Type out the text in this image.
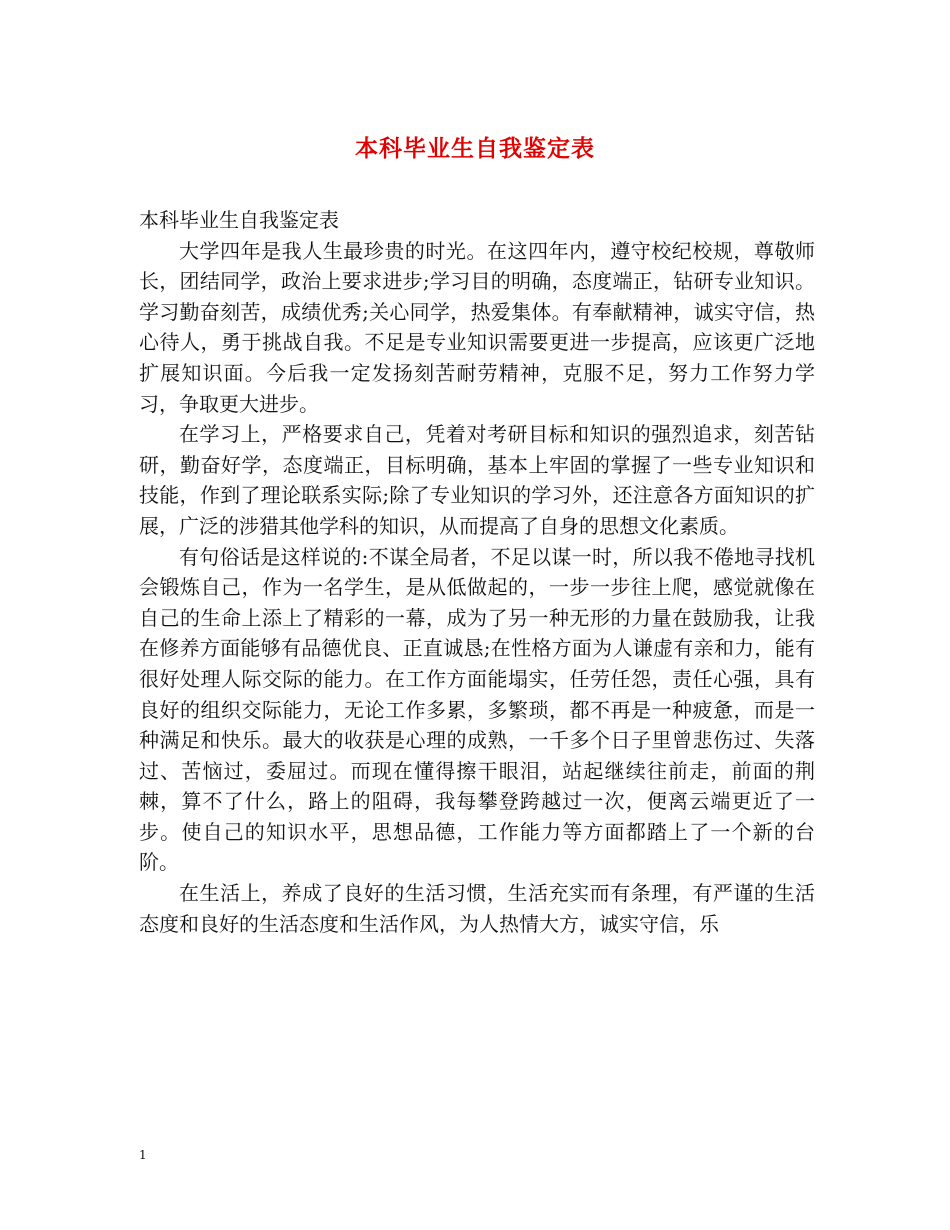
本科毕业生自我鉴定表

本科毕业生自我鉴定表

大学四年是我人生最珍贵的时光。在这四年内，遵守校纪校规，尊敬师长，团结同学，政治上要求进步;学习目的明确，态度端正，钻研专业知识。学习勤奋刻苦，成绩优秀;关心同学，热爱集体。有奉献精神，诚实守信，热心待人，勇于挑战自我。不足是专业知识需要更进一步提高，应该更广泛地扩展知识面。今后我一定发扬刻苦耐劳精神，克服不足，努力工作努力学习，争取更大进步。

在学习上，严格要求自己，凭着对考研目标和知识的强烈追求，刻苦钻研，勤奋好学，态度端正，目标明确，基本上牢固的掌握了一些专业知识和技能，作到了理论联系实际;除了专业知识的学习外，还注意各方面知识的扩展，广泛的涉猎其他学科的知识，从而提高了自身的思想文化素质。

有句俗话是这样说的:不谋全局者，不足以谋一时，所以我不倦地寻找机会锻炼自己，作为一名学生，是从低做起的，一步一步往上爬，感觉就像在自己的生命上添上了精彩的一幕，成为了另一种无形的力量在鼓励我，让我在修养方面能够有品德优良、正直诚恳;在性格方面为人谦虚有亲和力，能有很好处理人际交际的能力。在工作方面能塌实，任劳任怨，责任心强，具有良好的组织交际能力，无论工作多累，多繁琐，都不再是一种疲惫，而是一种满足和快乐。最大的收获是心理的成熟，一千多个日子里曾悲伤过、失落过、苦恼过，委屈过。而现在懂得擦干眼泪，站起继续往前走，前面的荆棘，算不了什么，路上的阻碍，我每攀登跨越过一次，便离云端更近了一步。使自己的知识水平，思想品德，工作能力等方面都踏上了一个新的台阶。

在生活上，养成了良好的生活习惯，生活充实而有条理，有严谨的生活态度和良好的生活态度和生活作风，为人热情大方，诚实守信，乐

1
